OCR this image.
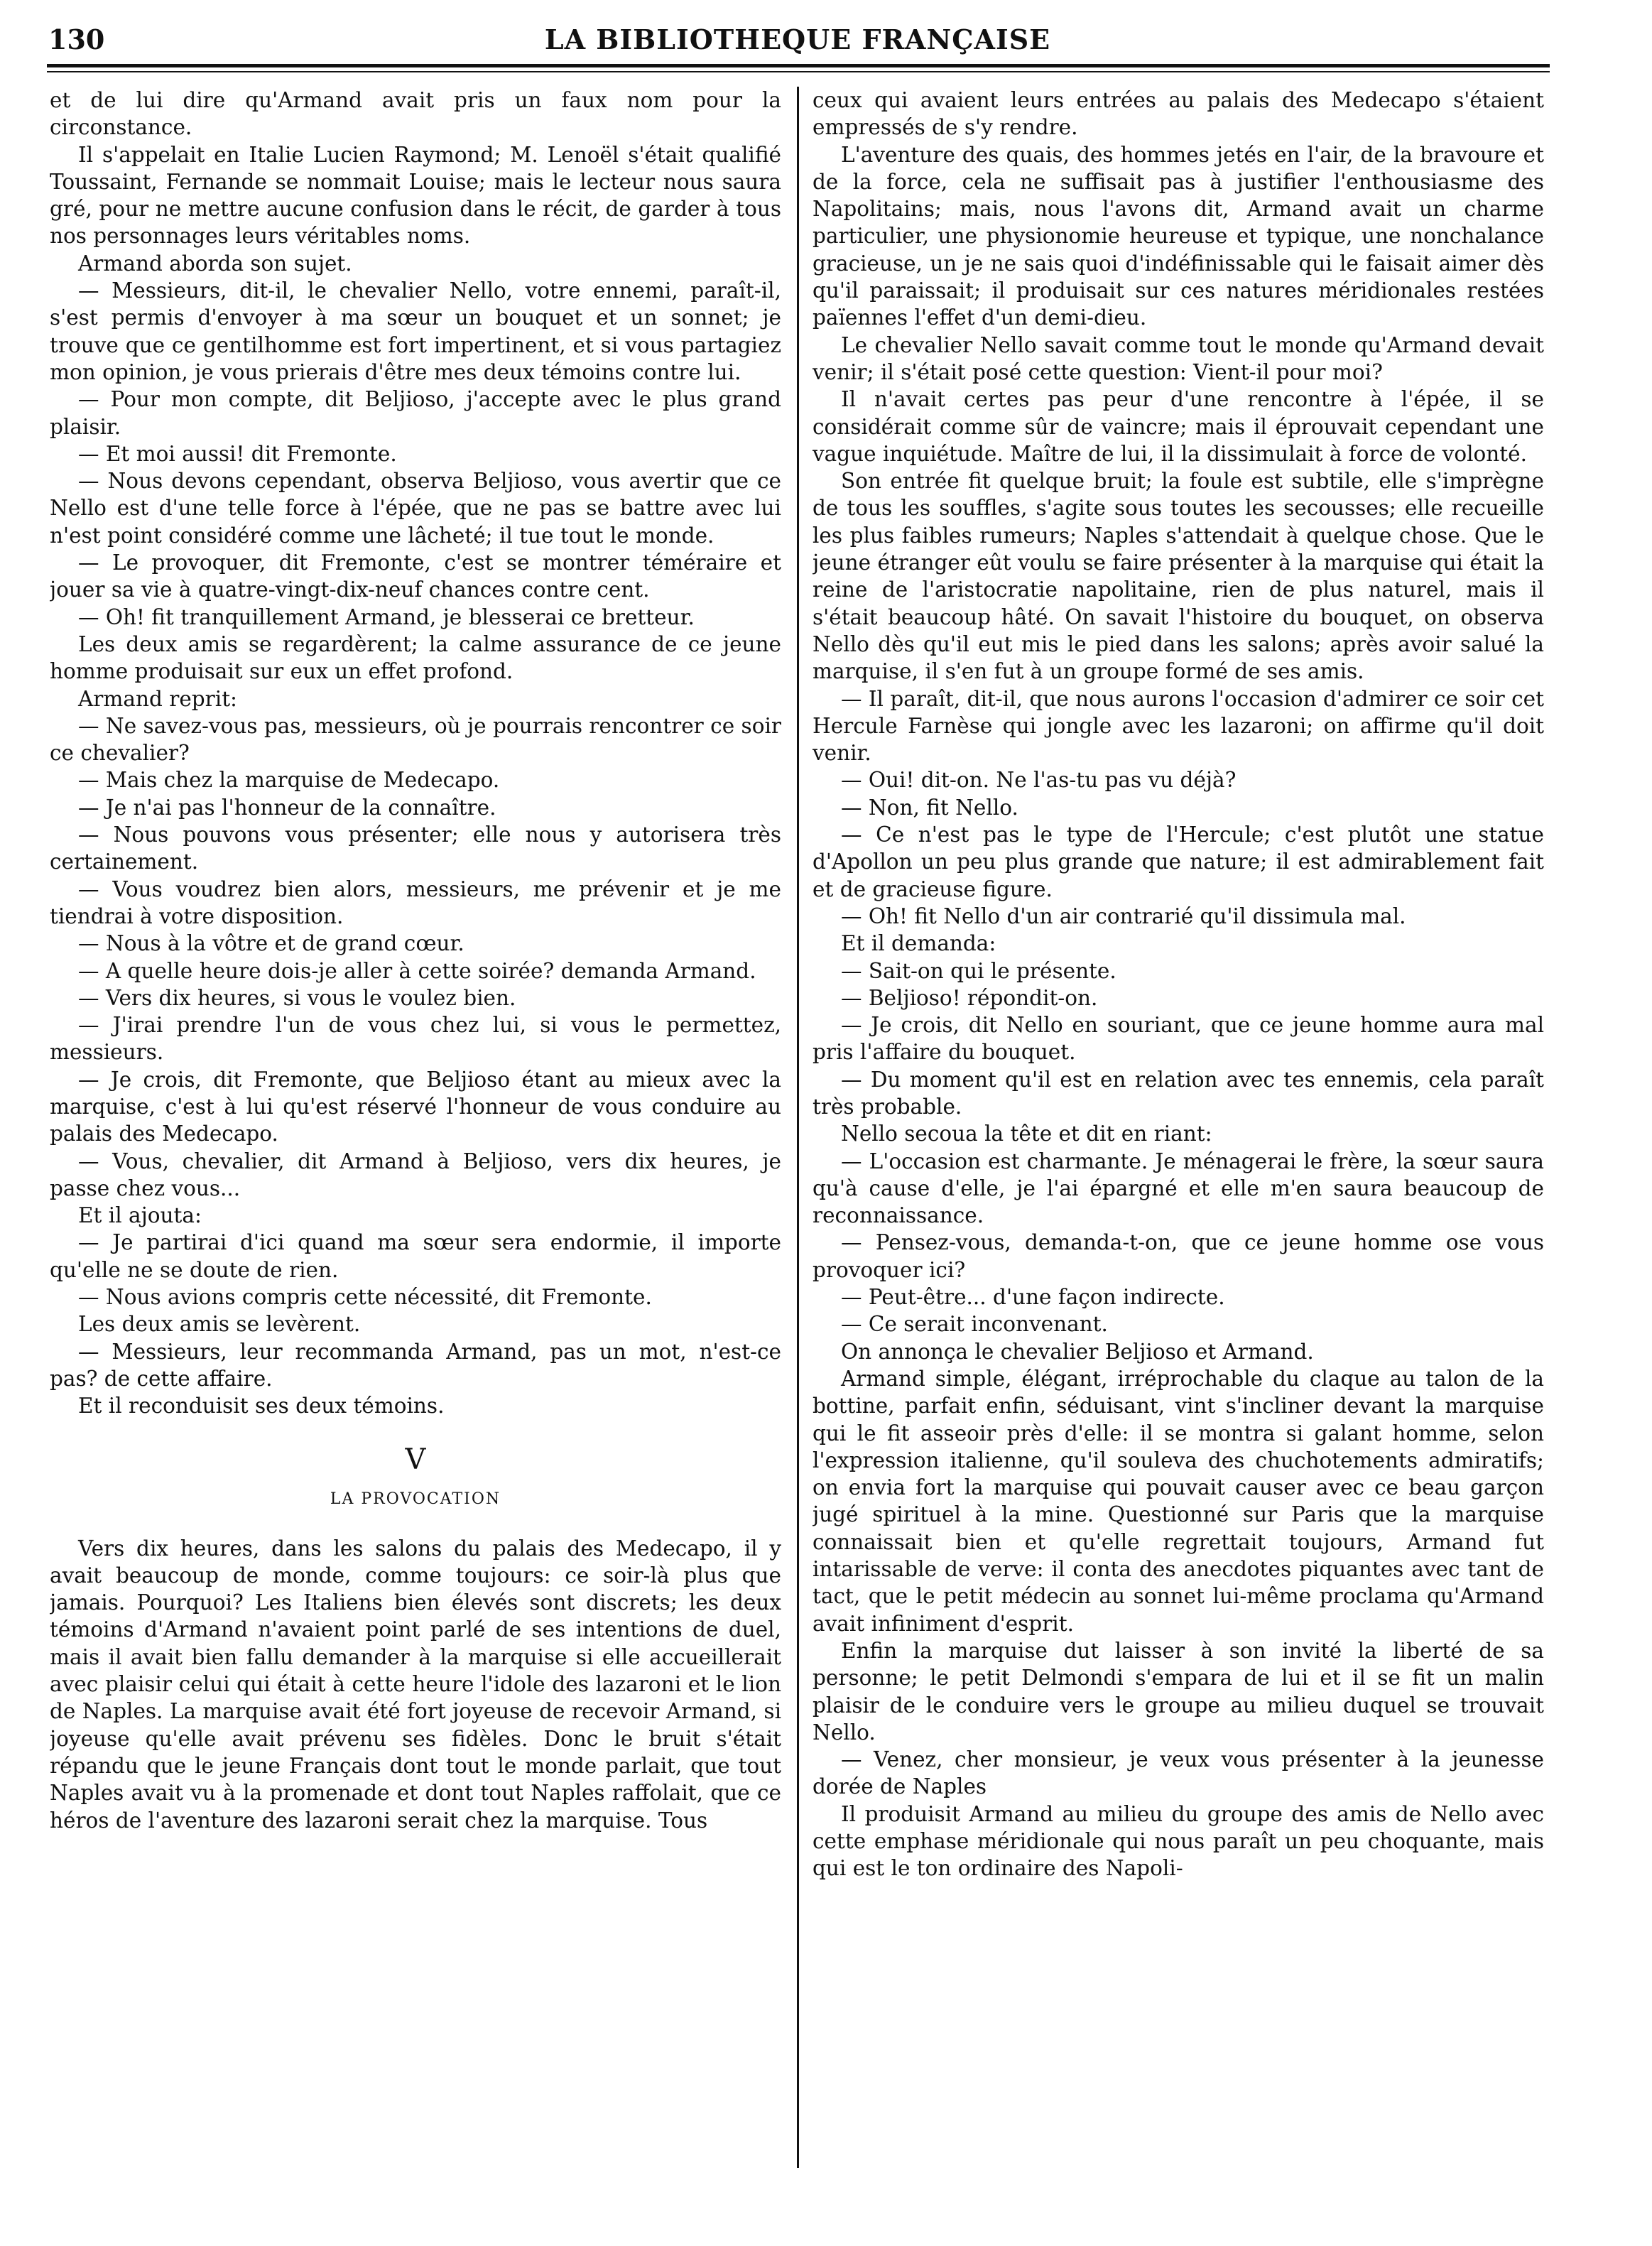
130	LA BIBLIOTHEQUE FRANÇAISE

et de lui dire qu'Armand avait pris un faux nom pour la circonstance.

Il s'appelait en Italie Lucien Raymond; M. Lenoël s'était qualifié Toussaint, Fernande se nommait Louise; mais le lecteur nous saura gré, pour ne mettre aucune confusion dans le récit, de garder à tous nos personnages leurs véritables noms.

Armand aborda son sujet.

— Messieurs, dit-il, le chevalier Nello, votre ennemi, paraît-il, s'est permis d'envoyer à ma sœur un bouquet et un sonnet; je trouve que ce gentilhomme est fort impertinent, et si vous partagiez mon opinion, je vous prierais d'être mes deux témoins contre lui.

— Pour mon compte, dit Beljioso, j'accepte avec le plus grand plaisir.

— Et moi aussi! dit Fremonte.

— Nous devons cependant, observa Beljioso, vous avertir que ce Nello est d'une telle force à l'épée, que ne pas se battre avec lui n'est point considéré comme une lâcheté; il tue tout le monde.

— Le provoquer, dit Fremonte, c'est se montrer téméraire et jouer sa vie à quatre-vingt-dix-neuf chances contre cent.

— Oh! fit tranquillement Armand, je blesserai ce bretteur.

Les deux amis se regardèrent; la calme assurance de ce jeune homme produisait sur eux un effet profond.

Armand reprit:

— Ne savez-vous pas, messieurs, où je pourrais rencontrer ce soir ce chevalier?

— Mais chez la marquise de Medecapo.

— Je n'ai pas l'honneur de la connaître.

— Nous pouvons vous présenter; elle nous y autorisera très certainement.

— Vous voudrez bien alors, messieurs, me prévenir et je me tiendrai à votre disposition.

— Nous à la vôtre et de grand cœur.

— A quelle heure dois-je aller à cette soirée? demanda Armand.

— Vers dix heures, si vous le voulez bien.

— J'irai prendre l'un de vous chez lui, si vous le permettez, messieurs.

— Je crois, dit Fremonte, que Beljioso étant au mieux avec la marquise, c'est à lui qu'est réservé l'honneur de vous conduire au palais des Medecapo.

— Vous, chevalier, dit Armand à Beljioso, vers dix heures, je passe chez vous...

Et il ajouta:

— Je partirai d'ici quand ma sœur sera endormie, il importe qu'elle ne se doute de rien.

— Nous avions compris cette nécessité, dit Fremonte.

Les deux amis se levèrent.

— Messieurs, leur recommanda Armand, pas un mot, n'est-ce pas? de cette affaire.

Et il reconduisit ses deux témoins.

V

LA PROVOCATION

Vers dix heures, dans les salons du palais des Medecapo, il y avait beaucoup de monde, comme toujours: ce soir-là plus que jamais. Pourquoi? Les Italiens bien élevés sont discrets; les deux témoins d'Armand n'avaient point parlé de ses intentions de duel, mais il avait bien fallu demander à la marquise si elle accueillerait avec plaisir celui qui était à cette heure l'idole des lazaroni et le lion de Naples. La marquise avait été fort joyeuse de recevoir Armand, si joyeuse qu'elle avait prévenu ses fidèles. Donc le bruit s'était répandu que le jeune Français dont tout le monde parlait, que tout Naples avait vu à la promenade et dont tout Naples raffolait, que ce héros de l'aventure des lazaroni serait chez la marquise. Tous

ceux qui avaient leurs entrées au palais des Medecapo s'étaient empressés de s'y rendre.

L'aventure des quais, des hommes jetés en l'air, de la bravoure et de la force, cela ne suffisait pas à justifier l'enthousiasme des Napolitains; mais, nous l'avons dit, Armand avait un charme particulier, une physionomie heureuse et typique, une nonchalance gracieuse, un je ne sais quoi d'indéfinissable qui le faisait aimer dès qu'il paraissait; il produisait sur ces natures méridionales restées païennes l'effet d'un demi-dieu.

Le chevalier Nello savait comme tout le monde qu'Armand devait venir; il s'était posé cette question: Vient-il pour moi?

Il n'avait certes pas peur d'une rencontre à l'épée, il se considérait comme sûr de vaincre; mais il éprouvait cependant une vague inquiétude. Maître de lui, il la dissimulait à force de volonté.

Son entrée fit quelque bruit; la foule est subtile, elle s'imprègne de tous les souffles, s'agite sous toutes les secousses; elle recueille les plus faibles rumeurs; Naples s'attendait à quelque chose. Que le jeune étranger eût voulu se faire présenter à la marquise qui était la reine de l'aristocratie napolitaine, rien de plus naturel, mais il s'était beaucoup hâté. On savait l'histoire du bouquet, on observa Nello dès qu'il eut mis le pied dans les salons; après avoir salué la marquise, il s'en fut à un groupe formé de ses amis.

— Il paraît, dit-il, que nous aurons l'occasion d'admirer ce soir cet Hercule Farnèse qui jongle avec les lazaroni; on affirme qu'il doit venir.

— Oui! dit-on. Ne l'as-tu pas vu déjà?

— Non, fit Nello.

— Ce n'est pas le type de l'Hercule; c'est plutôt une statue d'Apollon un peu plus grande que nature; il est admirablement fait et de gracieuse figure.

— Oh! fit Nello d'un air contrarié qu'il dissimula mal.

Et il demanda:

— Sait-on qui le présente.

— Beljioso! répondit-on.

— Je crois, dit Nello en souriant, que ce jeune homme aura mal pris l'affaire du bouquet.

— Du moment qu'il est en relation avec tes ennemis, cela paraît très probable.

Nello secoua la tête et dit en riant:

— L'occasion est charmante. Je ménagerai le frère, la sœur saura qu'à cause d'elle, je l'ai épargné et elle m'en saura beaucoup de reconnaissance.

— Pensez-vous, demanda-t-on, que ce jeune homme ose vous provoquer ici?

— Peut-être... d'une façon indirecte.

— Ce serait inconvenant.

On annonça le chevalier Beljioso et Armand.

Armand simple, élégant, irréprochable du claque au talon de la bottine, parfait enfin, séduisant, vint s'incliner devant la marquise qui le fit asseoir près d'elle: il se montra si galant homme, selon l'expression italienne, qu'il souleva des chuchotements admiratifs; on envia fort la marquise qui pouvait causer avec ce beau garçon jugé spirituel à la mine. Questionné sur Paris que la marquise connaissait bien et qu'elle regrettait toujours, Armand fut intarissable de verve: il conta des anecdotes piquantes avec tant de tact, que le petit médecin au sonnet lui-même proclama qu'Armand avait infiniment d'esprit.

Enfin la marquise dut laisser à son invité la liberté de sa personne; le petit Delmondi s'empara de lui et il se fit un malin plaisir de le conduire vers le groupe au milieu duquel se trouvait Nello.

— Venez, cher monsieur, je veux vous présenter à la jeunesse dorée de Naples

Il produisit Armand au milieu du groupe des amis de Nello avec cette emphase méridionale qui nous paraît un peu choquante, mais qui est le ton ordinaire des Napoli-
